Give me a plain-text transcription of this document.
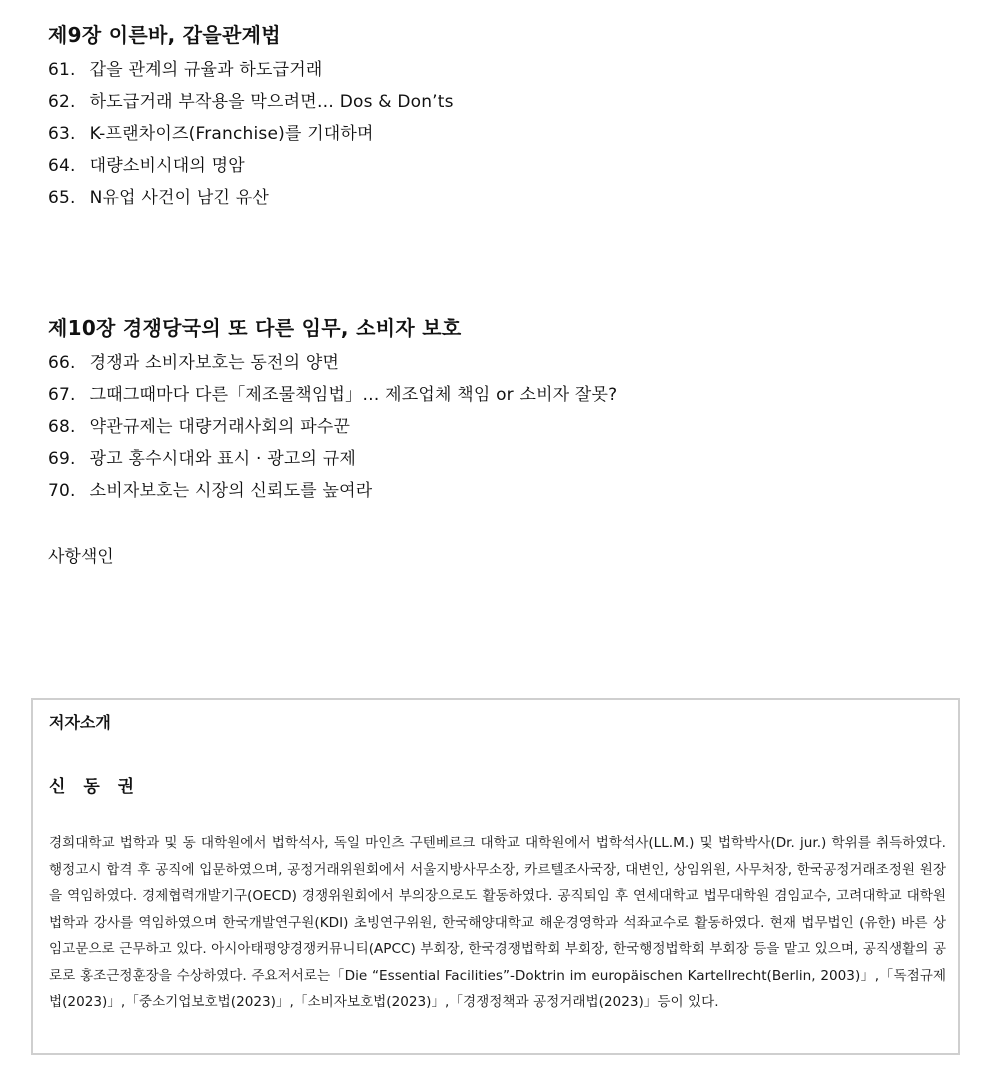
제9장 이른바, 갑을관계법
61. 갑을 관계의 규율과 하도급거래
62. 하도급거래 부작용을 막으려면… Dos & Don’ts
63. K-프랜차이즈(Franchise)를 기대하며
64. 대량소비시대의 명암
65. N유업 사건이 남긴 유산
제10장 경쟁당국의 또 다른 임무, 소비자 보호
66. 경쟁과 소비자보호는 동전의 양면
67. 그때그때마다 다른「제조물책임법」… 제조업체 책임 or 소비자 잘못?
68. 약관규제는 대량거래사회의 파수꾼
69. 광고 홍수시대와 표시 · 광고의 규제
70. 소비자보호는 시장의 신뢰도를 높여라
사항색인
저자소개
신 동 권

경희대학교 법학과 및 동 대학원에서 법학석사, 독일 마인츠 구텐베르크 대학교 대학원에서 법학석사(LL.M.) 및 법학박사(Dr. jur.) 학위를 취득하였다. 행정고시 합격 후 공직에 입문하였으며, 공정거래위원회에서 서울지방사무소장, 카르텔조사국장, 대변인, 상임위원, 사무처장, 한국공정거래조정원 원장을 역임하였다. 경제협력개발기구(OECD) 경쟁위원회에서 부의장으로도 활동하였다. 공직퇴임 후 연세대학교 법무대학원 겸임교수, 고려대학교 대학원 법학과 강사를 역임하였으며 한국개발연구원(KDI) 초빙연구위원, 한국해양대학교 해운경영학과 석좌교수로 활동하였다. 현재 법무법인 (유한) 바른 상임고문으로 근무하고 있다. 아시아태평양경쟁커뮤니티(APCC) 부회장, 한국경쟁법학회 부회장, 한국행정법학회 부회장 등을 맡고 있으며, 공직생활의 공로로 홍조근정훈장을 수상하였다. 주요저서로는「Die “Essential Facilities”-Doktrin im europäischen Kartellrecht(Berlin, 2003)」,「독점규제법(2023)」,「중소기업보호법(2023)」,「소비자보호법(2023)」,「경쟁정책과 공정거래법(2023)」등이 있다.
